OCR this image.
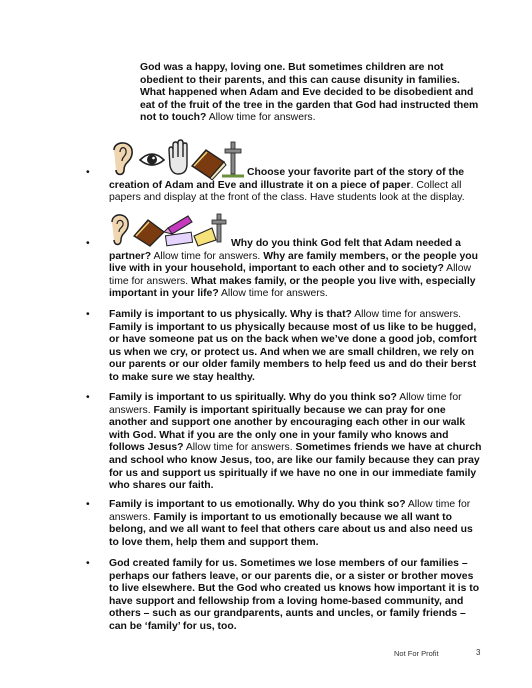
God was a happy, loving one. But sometimes children are not obedient to their parents, and this can cause disunity in families. What happened when Adam and Eve decided to be disobedient and eat of the fruit of the tree in the garden that God had instructed them not to touch? Allow time for answers.
•	Choose your favorite part of the story of the creation of Adam and Eve and illustrate it on a piece of paper. Collect all papers and display at the front of the class. Have students look at the display.
•	Why do you think God felt that Adam needed a partner? Allow time for answers. Why are family members, or the people you live with in your household, important to each other and to society? Allow time for answers. What makes family, or the people you live with, especially important in your life? Allow time for answers.
• Family is important to us physically. Why is that? Allow time for answers. Family is important to us physically because most of us like to be hugged, or have someone pat us on the back when we’ve done a good job, comfort us when we cry, or protect us. And when we are small children, we rely on our parents or our older family members to help feed us and do their berst to make sure we stay healthy.
• Family is important to us spiritually. Why do you think so? Allow time for answers. Family is important spiritually because we can pray for one another and support one another by encouraging each other in our walk with God. What if you are the only one in your family who knows and follows Jesus? Allow time for answers. Sometimes friends we have at church and school who know Jesus, too, are like our family because they can pray for us and support us spiritually if we have no one in our immediate family who shares our faith.
• Family is important to us emotionally. Why do you think so? Allow time for answers. Family is important to us emotionally because we all want to belong, and we all want to feel that others care about us and also need us to love them, help them and support them.
• God created family for us. Sometimes we lose members of our families – perhaps our fathers leave, or our parents die, or a sister or brother moves to live elsewhere. But the God who created us knows how important it is to have support and fellowship from a loving home-based community, and others – such as our grandparents, aunts and uncles, or family friends – can be ‘family’ for us, too.
Not For Profit	3
